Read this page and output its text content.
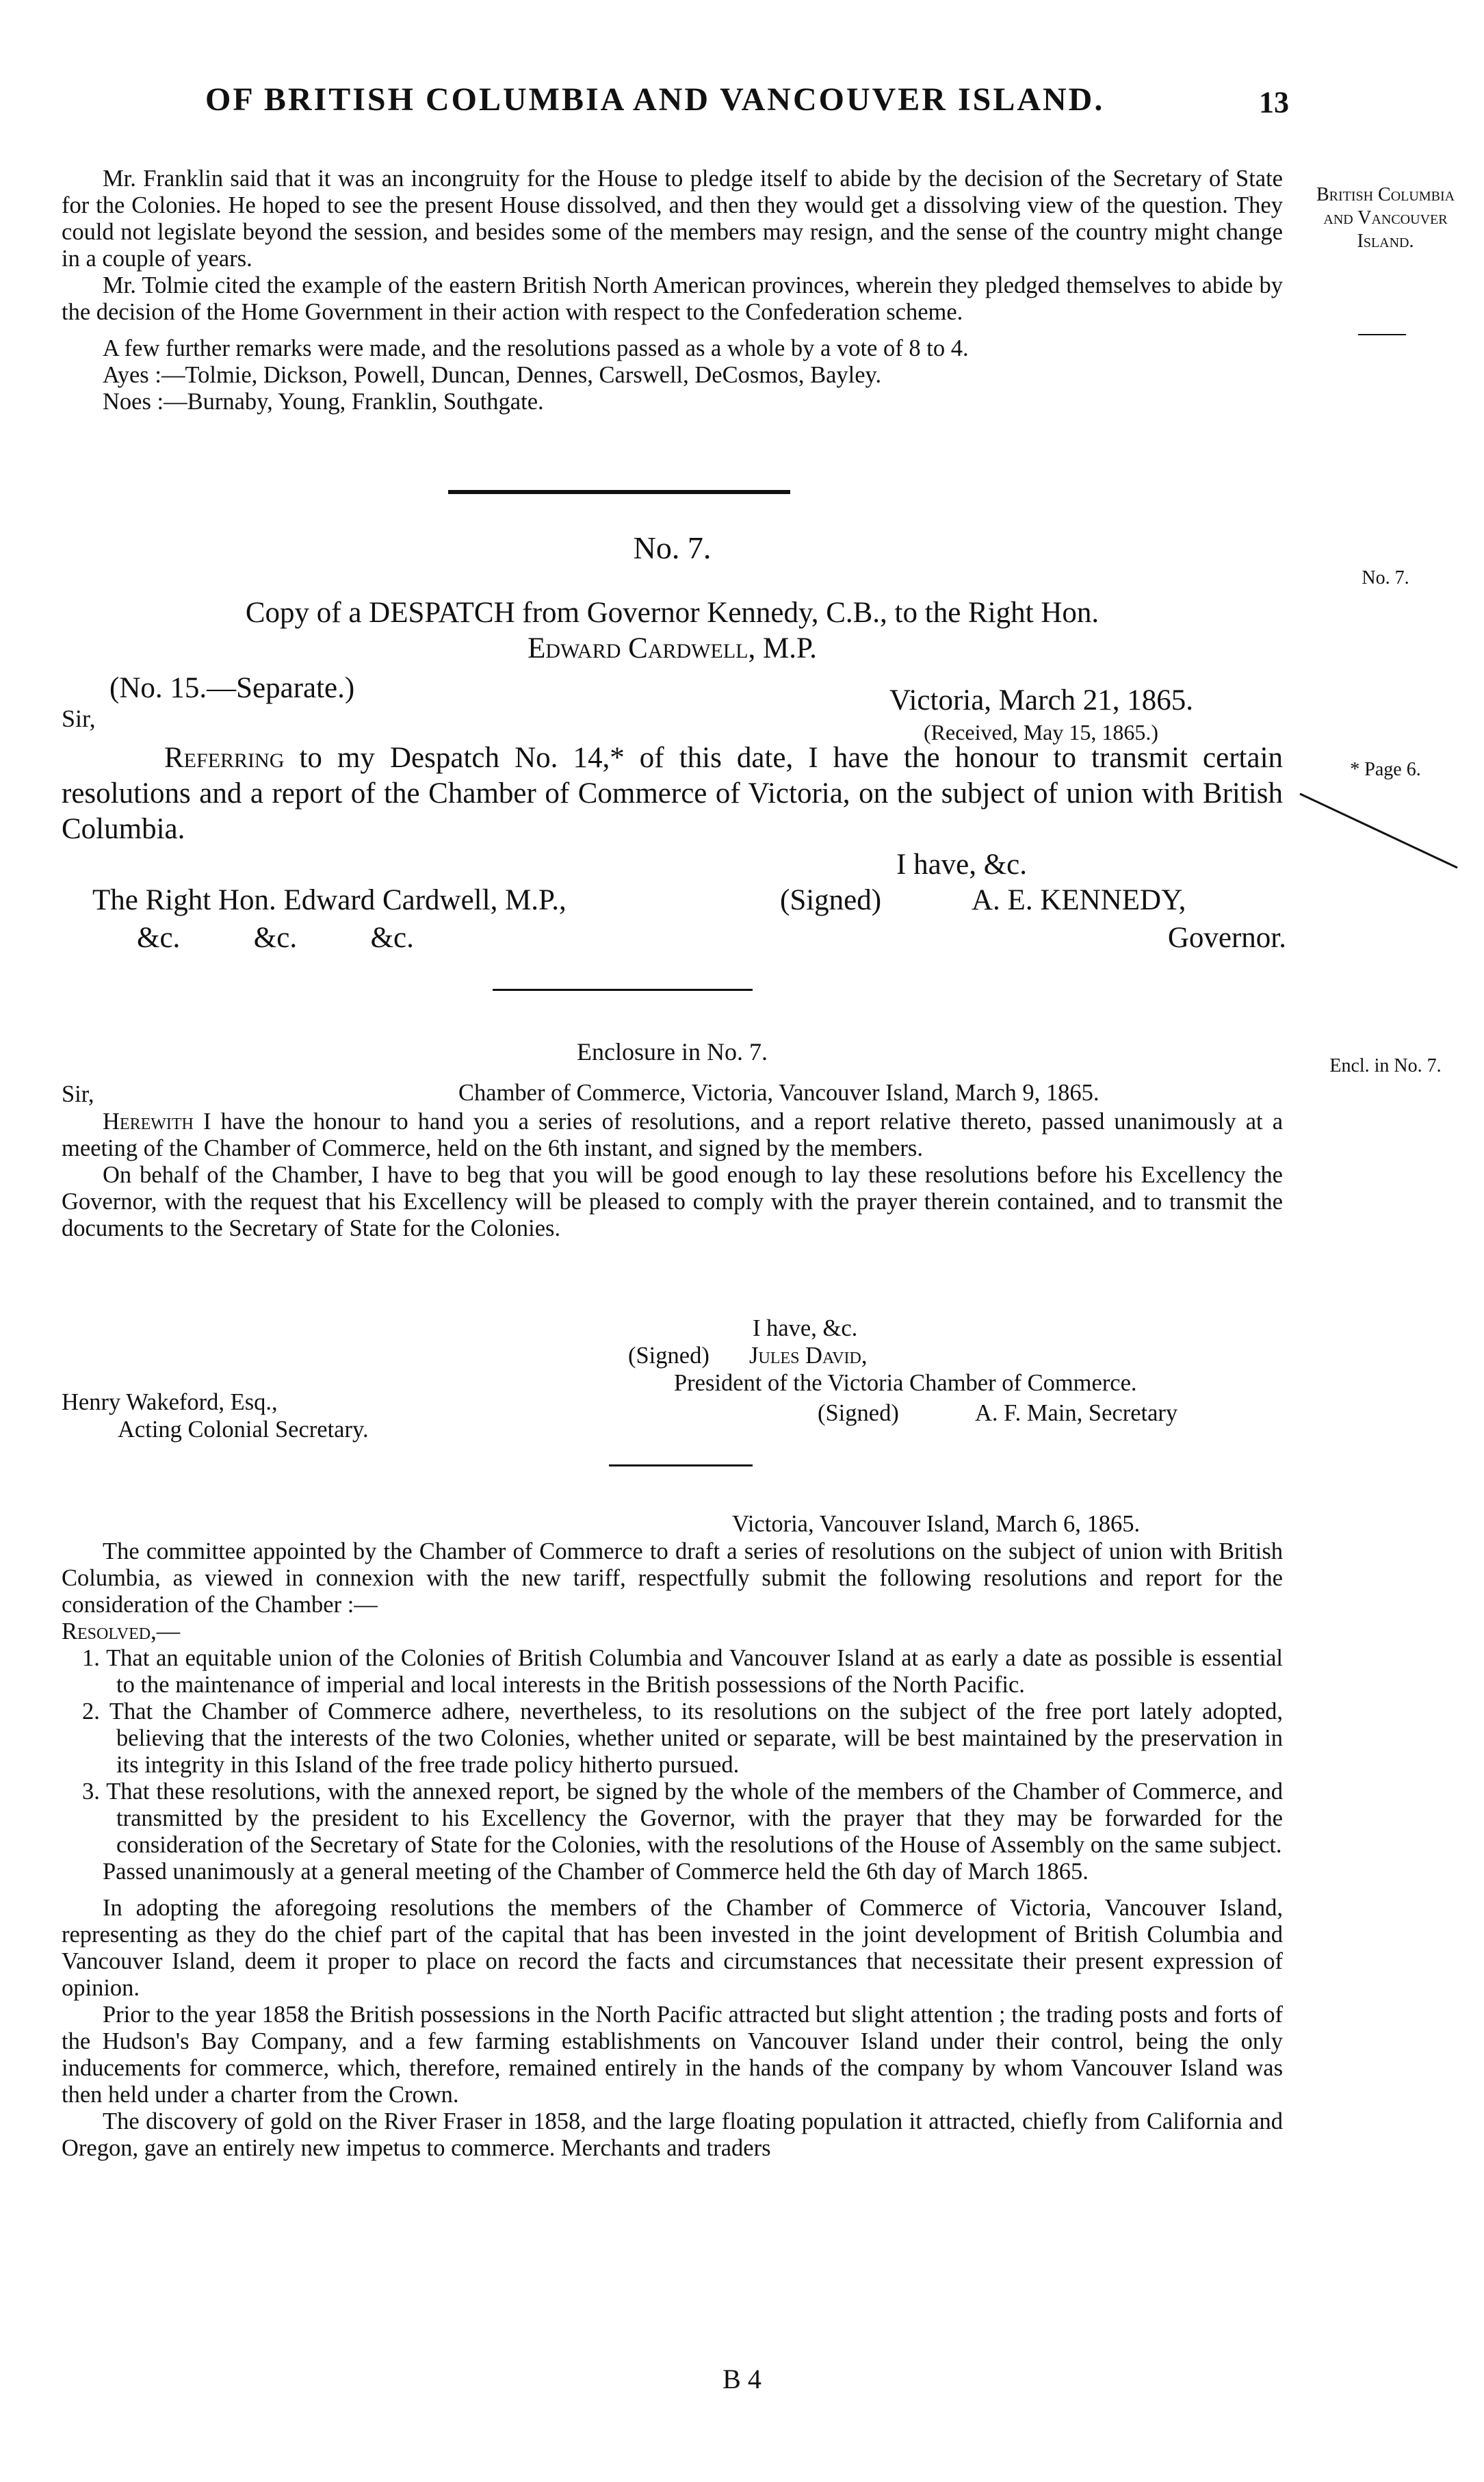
OF BRITISH COLUMBIA AND VANCOUVER ISLAND.	13
British Columbia and Vancouver Island.
No. 7.
* Page 6.
Encl. in No. 7.

Mr. Franklin said that it was an incongruity for the House to pledge itself to abide by the decision of the Secretary of State for the Colonies. He hoped to see the present House dissolved, and then they would get a dissolving view of the question. They could not legislate beyond the session, and besides some of the members may resign, and the sense of the country might change in a couple of years.

Mr. Tolmie cited the example of the eastern British North American provinces, wherein they pledged themselves to abide by the decision of the Home Government in their action with respect to the Confederation scheme.

A few further remarks were made, and the resolutions passed as a whole by a vote of 8 to 4.

Ayes :—Tolmie, Dickson, Powell, Duncan, Dennes, Carswell, DeCosmos, Bayley.

Noes :—Burnaby, Young, Franklin, Southgate.

No. 7.
Copy of a DESPATCH from Governor Kennedy, C.B., to the Right Hon.
Edward Cardwell, M.P.
(No. 15.—Separate.)	Victoria, March 21, 1865.
(Received, May 15, 1865.)
Sir,
Referring to my Despatch No. 14,* of this date, I have the honour to transmit certain resolutions and a report of the Chamber of Commerce of Victoria, on the subject of union with British Columbia.
I have, &c.
The Right Hon. Edward Cardwell, M.P.,
&c.          &c.          &c.
(Signed)	A. E. KENNEDY,
Governor.
Enclosure in No. 7.
Sir,	Chamber of Commerce, Victoria, Vancouver Island, March 9, 1865.

Herewith I have the honour to hand you a series of resolutions, and a report relative thereto, passed unanimously at a meeting of the Chamber of Commerce, held on the 6th instant, and signed by the members.

On behalf of the Chamber, I have to beg that you will be good enough to lay these resolutions before his Excellency the Governor, with the request that his Excellency will be pleased to comply with the prayer therein contained, and to transmit the documents to the Secretary of State for the Colonies.

I have, &c.
(Signed)	Jules David,
President of the Victoria Chamber of Commerce.
(Signed)	A. F. Main, Secretary
Henry Wakeford, Esq.,
Acting Colonial Secretary.
Victoria, Vancouver Island, March 6, 1865.

The committee appointed by the Chamber of Commerce to draft a series of resolutions on the subject of union with British Columbia, as viewed in connexion with the new tariff, respectfully submit the following resolutions and report for the consideration of the Chamber :—

Resolved,—

1. That an equitable union of the Colonies of British Columbia and Vancouver Island at as early a date as possible is essential to the maintenance of imperial and local interests in the British possessions of the North Pacific.

2. That the Chamber of Commerce adhere, nevertheless, to its resolutions on the subject of the free port lately adopted, believing that the interests of the two Colonies, whether united or separate, will be best maintained by the preservation in its integrity in this Island of the free trade policy hitherto pursued.

3. That these resolutions, with the annexed report, be signed by the whole of the members of the Chamber of Commerce, and transmitted by the president to his Excellency the Governor, with the prayer that they may be forwarded for the consideration of the Secretary of State for the Colonies, with the resolutions of the House of Assembly on the same subject.

Passed unanimously at a general meeting of the Chamber of Commerce held the 6th day of March 1865.

In adopting the aforegoing resolutions the members of the Chamber of Commerce of Victoria, Vancouver Island, representing as they do the chief part of the capital that has been invested in the joint development of British Columbia and Vancouver Island, deem it proper to place on record the facts and circumstances that necessitate their present expression of opinion.

Prior to the year 1858 the British possessions in the North Pacific attracted but slight attention ; the trading posts and forts of the Hudson's Bay Company, and a few farming establishments on Vancouver Island under their control, being the only inducements for commerce, which, therefore, remained entirely in the hands of the company by whom Vancouver Island was then held under a charter from the Crown.

The discovery of gold on the River Fraser in 1858, and the large floating population it attracted, chiefly from California and Oregon, gave an entirely new impetus to commerce. Merchants and traders

B 4
